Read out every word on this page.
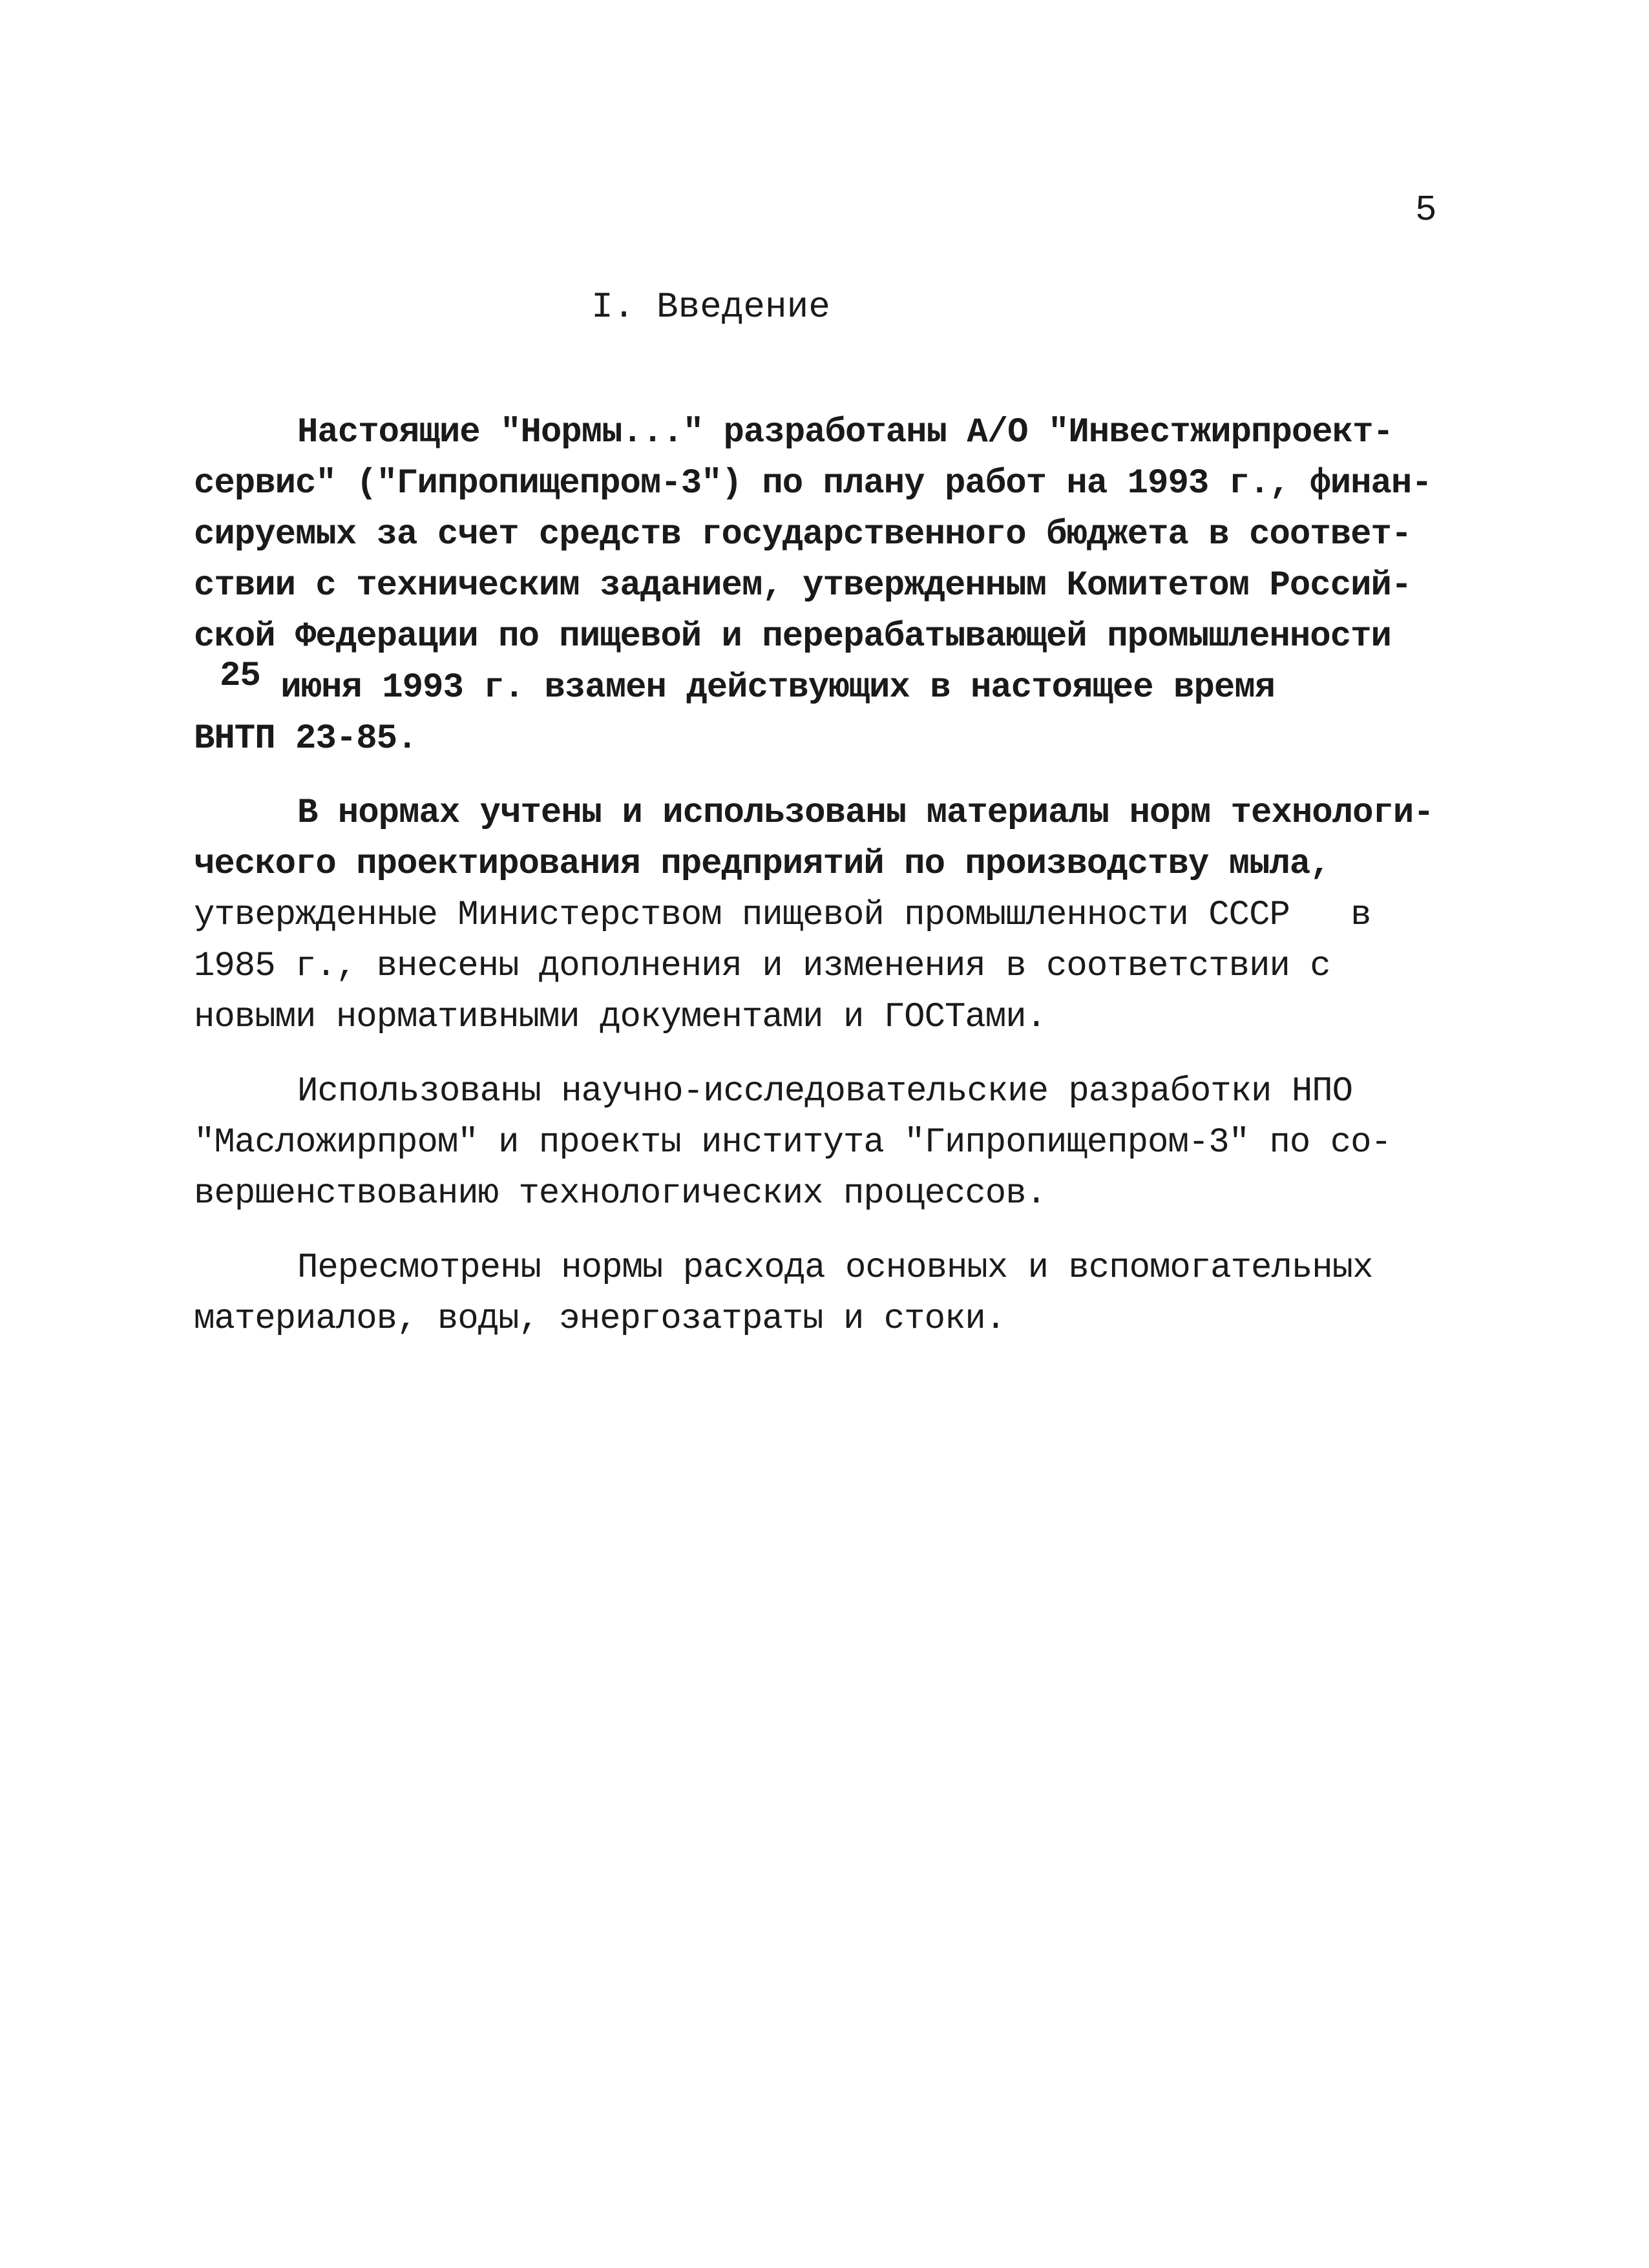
5
I. Введение
Настоящие "Нормы..." разработаны А/О "Инвестжирпроект-
сервис" ("Гипропищепром-3") по плану работ на 1993 г., финан-
сируемых за счет средств государственного бюджета в соответ-
ствии с техническим заданием, утвержденным Комитетом Россий-
ской Федерации по пищевой и перерабатывающей промышленности
25 июня 1993 г. взамен действующих в настоящее время
ВНТП 23-85.
В нормах учтены и использованы материалы норм технологи-
ческого проектирования предприятий по производству мыла,
утвержденные Министерством пищевой промышленности СССР   в
1985 г., внесены дополнения и изменения в соответствии с
новыми нормативными документами и ГОСТами.
Использованы научно-исследовательские разработки НПО
"Масложирпром" и проекты института "Гипропищепром-3" по со-
вершенствованию технологических процессов.
Пересмотрены нормы расхода основных и вспомогательных
материалов, воды, энергозатраты и стоки.
